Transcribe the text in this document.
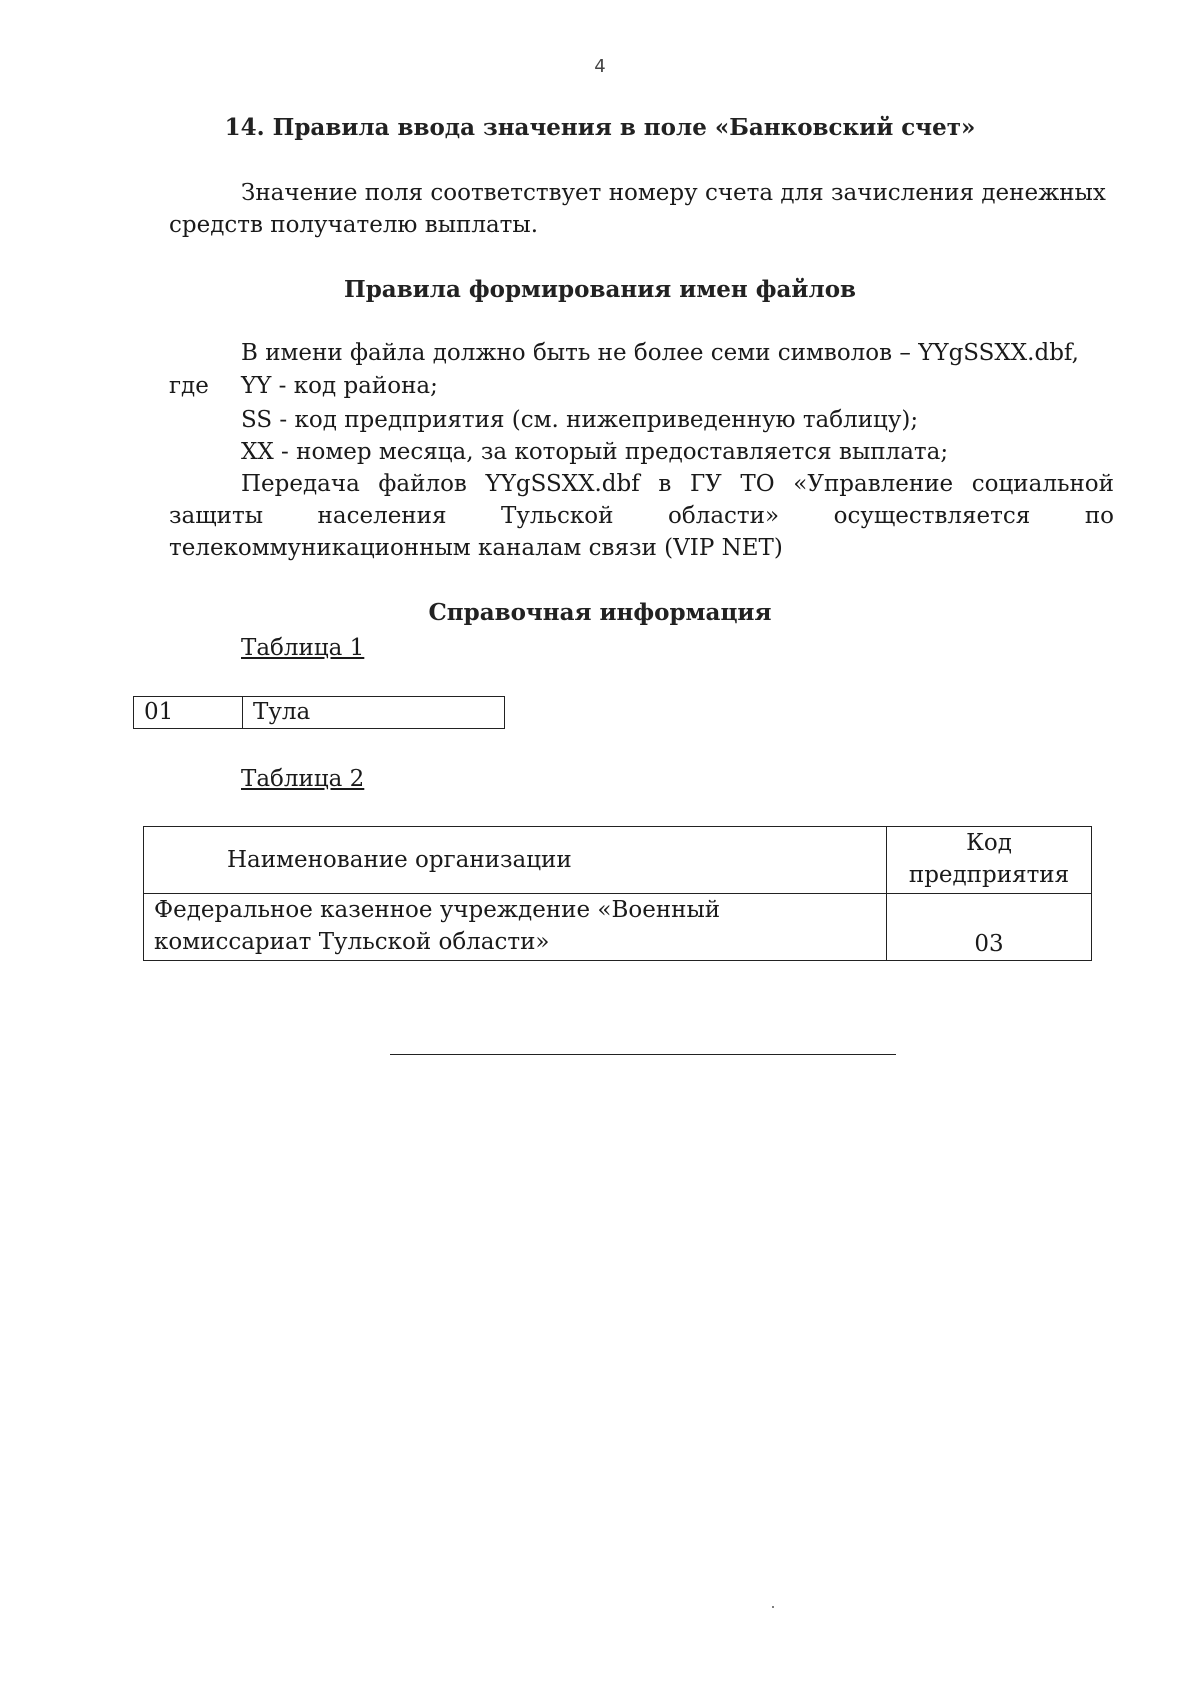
4
14. Правила ввода значения в поле «Банковский счет»
Значение поля соответствует номеру счета для зачисления денежных
средств получателю выплаты.
Правила формирования имен файлов
В имени файла должно быть не более семи символов – YYgSSXX.dbf,
где YY - код района;
SS - код предприятия (см. нижеприведенную таблицу);
XX - номер месяца, за который предоставляется выплата;
Передача файлов YYgSSXX.dbf в ГУ ТО «Управление социальной
защиты населения Тульской области» осуществляется по
телекоммуникационным каналам связи (VIP NET)
Справочная информация
Таблица 1
01	Тула
Таблица 2
Наименование организации	Код
предприятия

Федеральное казенное учреждение «Военный
комиссариат Тульской области»	03
